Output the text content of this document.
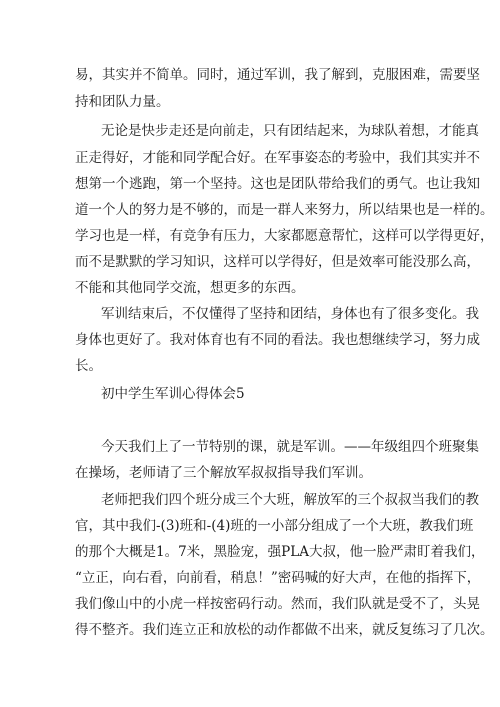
易，其实并不简单。同时，通过军训，我了解到，克服困难，需要坚
持和团队力量。
无论是快步走还是向前走，只有团结起来，为球队着想，才能真
正走得好，才能和同学配合好。在军事姿态的考验中，我们其实并不
想第一个逃跑，第一个坚持。这也是团队带给我们的勇气。也让我知
道一个人的努力是不够的，而是一群人来努力，所以结果也是一样的。
学习也是一样，有竞争有压力，大家都愿意帮忙，这样可以学得更好，
而不是默默的学习知识，这样可以学得好，但是效率可能没那么高，
不能和其他同学交流，想更多的东西。
军训结束后，不仅懂得了坚持和团结，身体也有了很多变化。我
身体也更好了。我对体育也有不同的看法。我也想继续学习，努力成
长。
初中学生军训心得体会5
今天我们上了一节特别的课，就是军训。——年级组四个班聚集
在操场，老师请了三个解放军叔叔指导我们军训。
老师把我们四个班分成三个大班，解放军的三个叔叔当我们的教
官，其中我们-(3)班和-(4)班的一小部分组成了一个大班，教我们班
的那个大概是1。7米，黑脸宠，强PLA大叔，他一脸严肃盯着我们，
“立正，向右看，向前看，稍息！”密码喊的好大声，在他的指挥下，
我们像山中的小虎一样按密码行动。然而，我们队就是受不了，头晃
得不整齐。我们连立正和放松的动作都做不出来，就反复练习了几次。
